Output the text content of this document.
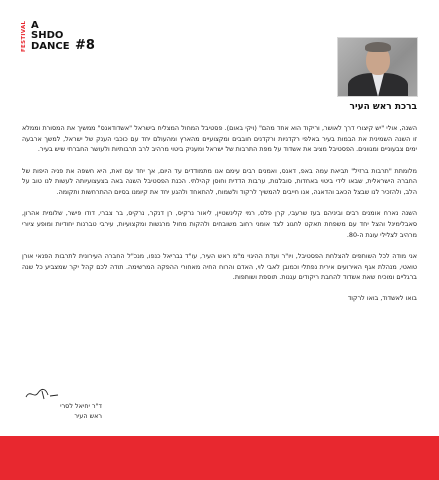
FESTIVAL A
SHDO
DANCE #8
ברכת ראש העיר

השנה, אולי "יש קיצורי דרך לאושר, וריקוד הוא אחד מהם" (ויקי באום). פסטיבל המחול המצליח בישראל "אשדודאנס" ממשיך את המסורת וממלא זו השנה השמינית את הבמות בעיר באלפי רקדניות ורקדנים חובבים ומקצועיים מהארץ ומהעולם יחד עם כוכבי הענק של ישראל, למשך ארבעה ימים צבעוניים ומגוונים. הפסטיבל מציב את אשדוד על מפת התרבות של ישראל ומעניק ביטוי מרהיב לרב תרבותיות ולעושר החברתי שיש בעיר.

מלומתת "תרבות ברזיל" תביאת עמה באפ, דאנס, ואמנים רבים עימם אנו מתמודדים עד היום, אך יחד עם זאת, היא חשפה את פניה היפות של החברה הישראלית, שבאו לידי ביטוי באחדות, סובלנות, ערבות הדדית וחוסן קהילתי. הכנת הפסטיבל השנה באה בצעצועיותה לעשות לנו טוב על הלב, ולהזכיר לנו שבצל הכאב והדאגה, אנו חייבים להמשיך לרקוד ולשמוח, להתאחד ולהגע יחד את קיומנו בסיום ההתרחשות ותקומה.

השנה נארח אומנים רבים וביניהם בעז שרעבי, קרן פלס, רמי קלינשטיין, ליאור נרקיס, רן דנקר, נרקיס, בר צברי, דודו פישר, שלומית אהרון, סאבלימינל והצל יחד עם משפחת תאקט לחגוג לצד אומני רחוב משובחים ולהקות מחול מרגשות ומקצועיות, עירבי טברנות יחודיות ומופע ציורי מרהיב לצלילי עוגת ה-80.

אני מודה לכל השותפים להצלחת הפסטיבל, ויו"ר ועדת ההיגוי מ"מ ראש העיר, עו"ד גבריאל כנפו, מנכ"ל החברה העירונית לתרבות הפנאי אורן טואטי, מנהלת אגף האירועים אירית נפתלי וכמובן לאבי לוי, האדם והרוח החיה מאחורי ההפקה המרשימה. תודה לכם קהל יקר שמצביע כל שנה ברגליים ומוכיח שאת אשדוד להחבת ריקודים עגנות. תוספת ושותפות.

בואו לאשדוד, בואו לרקוד

ד"ר יחיאל לסרי
ראש העיר
